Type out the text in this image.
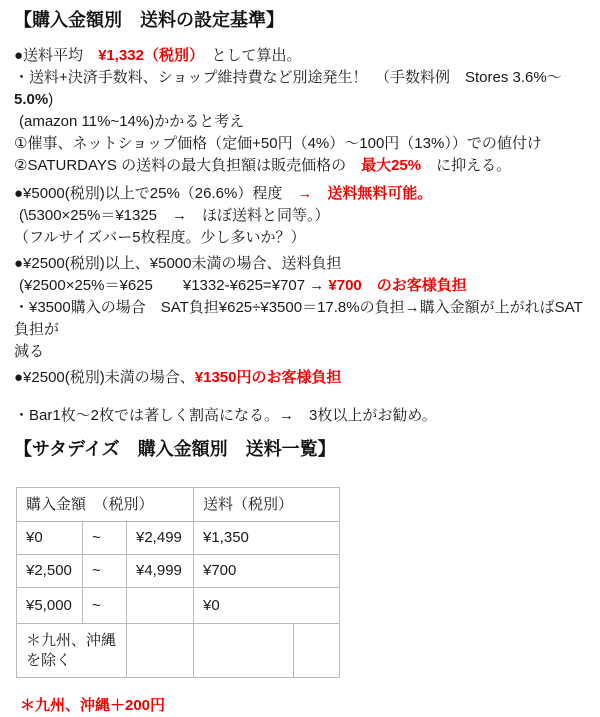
【購入金額別　送料の設定基準】

●送料平均　¥1,332（税別）　として算出。

・送料+決済手数料、ショップ維持費など別途発生！　（手数料例　Stores 3.6%～5.0%)

(amazon 11%~14%)かかると考え

①催事、ネットショップ価格（定価+50円（4%）～100円（13%））での値付け

②SATURDAYS の送料の最大負担額は販売価格の　最大25%　に抑える。

●¥5000(税別)以上で25%（26.6%）程度　→　送料無料可能。

(\5300×25%＝¥1325　→　ほぼ送料と同等。）

（フルサイズバー5枚程度。少し多いか？）

●¥2500(税別)以上、¥5000未満の場合、送料負担

(¥2500×25%＝¥625　　¥1332-¥625=¥707 → ¥700　のお客様負担

・¥3500購入の場合　SAT負担¥625÷¥3500＝17.8%の負担→購入金額が上がればSAT負担が

減る

●¥2500(税別)未満の場合、¥1350円のお客様負担

・Bar1枚～2枚では著しく割高になる。→　3枚以上がお勧め。

【サタデイズ　購入金額別　送料一覧】
購入金額　（税別）			送料（税別）	
¥0	~	¥2,499	¥1,350	
¥2,500	~	¥4,999	¥700	
¥5,000	~		¥0	
＊九州、沖縄を除く				

＊九州、沖縄＋200円
